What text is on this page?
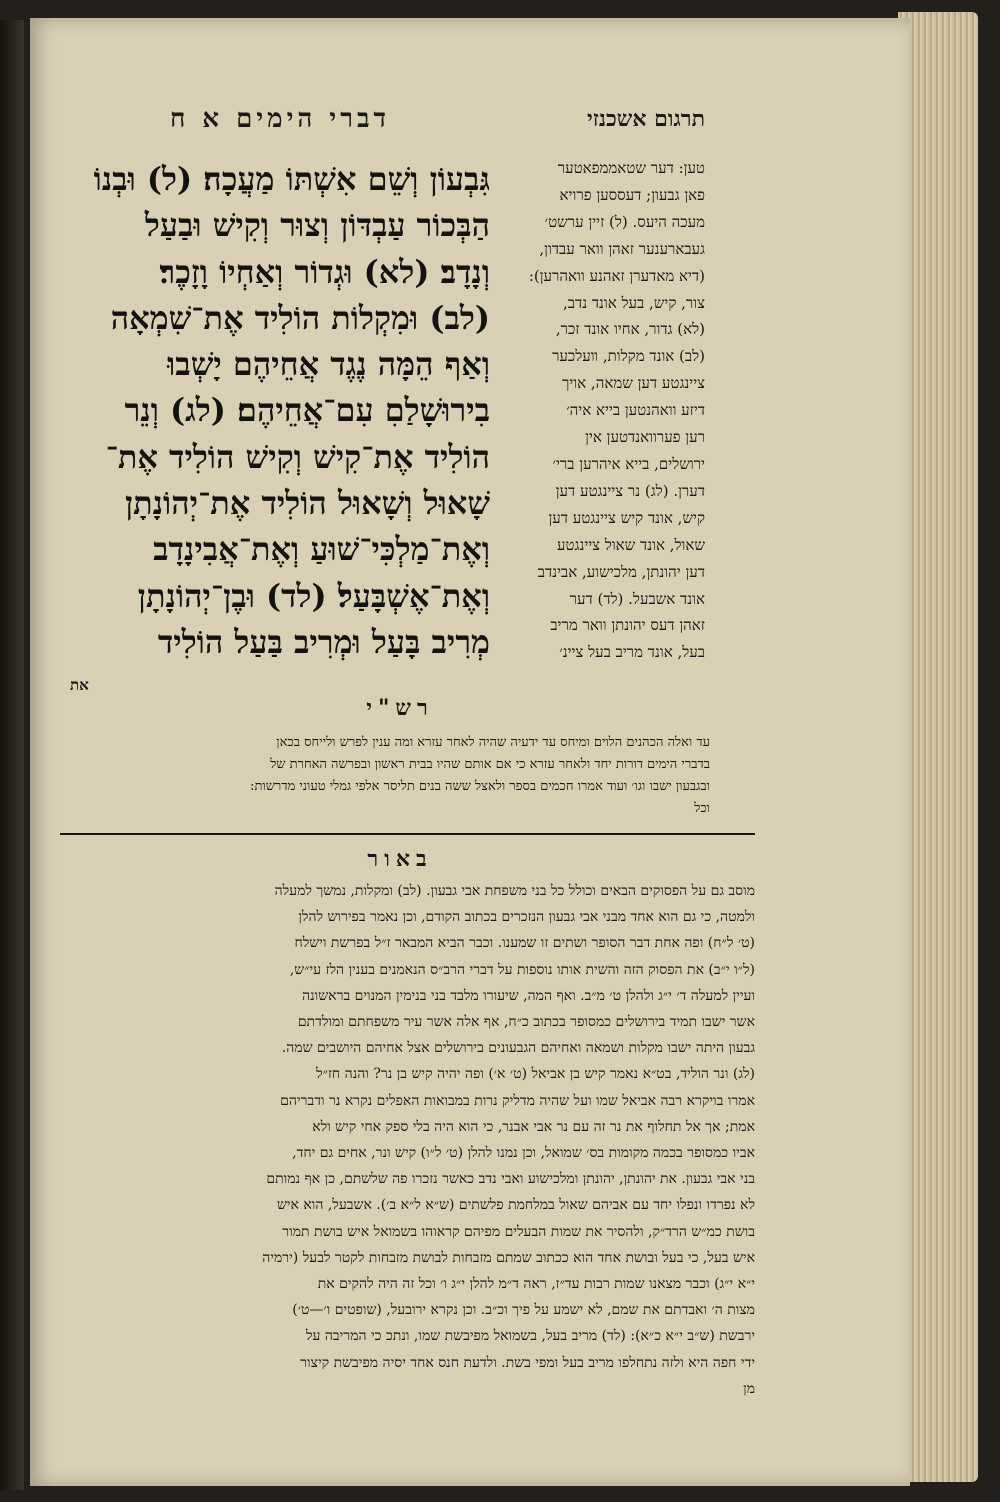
דברי הימים א ח	תרגום אשכנזי
גִּבְעוֹן וְשֵׁם אִשְׁתּוֹ מַעֲכָה׃ (ל) וּבְנוֹ
הַבְּכוֹר עַבְדּוֹן וְצוּר וְקִישׁ וּבַעַל
וְנָדָב׃ (לא) וּגְדוֹר וְאַחְיוֹ וָזָכֶר׃
(לב) וּמִקְלוֹת הוֹלִיד אֶת־שִׁמְאָה
וְאַף הֵמָּה נֶגֶד אֲחֵיהֶם יָשְׁבוּ
בִירוּשָׁלַםִ עִם־אֲחֵיהֶם׃ (לג) וְנֵר
הוֹלִיד אֶת־קִישׁ וְקִישׁ הוֹלִיד אֶת־
שָׁאוּל וְשָׁאוּל הוֹלִיד אֶת־יְהוֹנָתָן
וְאֶת־מַלְכִּי־שׁוּעַ וְאֶת־אֲבִינָדָב
וְאֶת־אֶשְׁבָּעַל׃ (לד) וּבֶן־יְהוֹנָתָן
מְרִיב בָּעַל וּמְרִיב בַּעַל הוֹלִיד
טען: דער שטאממפאטער
פאן גבעון; דעססען פרויא
מעכה היעס. (ל) זיין ערשט׳
געבארענער זאהן וואר עבדון,
(דיא מאדערן זאהנע וואהרען):
צור, קיש, בעל אונד נדב,
(לא) גדור, אחיו אונד זכר,
(לב) אונד מקלות, װעלכער
ציינגטע דען שמאה, אויך
דיזע וואהנטען בייא איה׳
רען פערוואנדטען אין
ירושלים, בייא איהרען ברי׳
דערן. (לג) נר ציינגטע דען
קיש, אונד קיש ציינגטע דען
שאול, אונד שאול ציינגטע
דען יהונתן, מלכישוע, אבינדב
אונד אשבעל. (לד) דער
זאהן דעס יהונתן וואר מריב
בעל, אונד מריב בעל ציינ׳
את
רש"י
עד ואלה הכהנים הלוים ומיחס עד ידעיה שהיה לאחר עזרא ומה ענין לפרש ולייחס בכאן
בדברי הימים דורות יחד ולאחר עזרא כי אם אותם שהיו בבית ראשון ובפרשה האחרת של
ובגבעון ישבו וגו׳ ועוד אמרו חכמים בספר ולאצל ששה בנים תליסר אלפי גמלי טעוני מדרשות:
וכל
באור
מוסב גם על הפסוקים הבאים וכולל כל בני משפחת אבי גבעון. (לב) ומקלות, נמשך למעלה
ולמטה, כי גם הוא אחד מבני אבי גבעון הנזכרים בכתוב הקודם, וכן נאמר בפירוש להלן
(ט׳ ל״ח) ופה אחת דבר הסופר ושתים זו שמענו. וכבר הביא המבאר ז״ל בפרשת וישלח
(ל״ו י״ב) את הפסוק הזה והשית אותו נוספות על דברי הרב״ס הנאמנים בענין הלז עי״ש,
ועיין למעלה ד׳ י״ג ולהלן ט׳ מ״ב. ואף המה, שיעורו מלבד בני בנימין המנוים בראשונה
אשר ישבו תמיד בירושלים כמסופר בכתוב כ״ח, אף אלה אשר עיר משפחתם ומולדתם
גבעון היתה ישבו מקלות ושמאה ואחיהם הגבעונים בירושלים אצל אחיהם היושבים שמה.
(לג) ונר הוליד, בט״א נאמר קיש בן אביאל (ט׳ א׳) ופה יהיה קיש בן נר? והנה חז״ל
אמרו בויקרא רבה אביאל שמו ועל שהיה מדליק נרות במבואות האפלים נקרא נר ודבריהם
אמת; אך אל תחלוף את נר זה עם נר אבי אבנר, כי הוא היה בלי ספק אחי קיש ולא
אביו כמסופר בכמה מקומות בס׳ שמואל, וכן נמנו להלן (ט׳ ל״ו) קיש ונר, אחים גם יחד,
בני אבי גבעון. את יהונתן, יהונתן ומלכישוע ואבי נדב כאשר נזכרו פה שלשתם, כן אף נמותם
לא נפרדו ונפלו יחד עם אביהם שאול במלחמת פלשתים (ש״א ל״א ב׳). אשבעל, הוא איש
בושת כמ״ש הרד״ק, ולהסיר את שמות הבעלים מפיהם קראוהו בשמואל איש בושת תמור
איש בעל, כי בעל ובושת אחד הוא ככתוב שמתם מזבחות לבושת מזבחות לקטר לבעל (ירמיה
י״א י״ג) וכבר מצאנו שמות רבות עד״ז, ראה ד״מ להלן י״ג ו׳ וכל זה היה להקים את
מצות ה׳ ואבדתם את שמם, לא ישמע על פיך וכ״ב. וכן נקרא ירובעל, (שופטים ו׳—ט׳)
ירבשת (ש״ב י״א כ״א): (לד) מריב בעל, בשמואל מפיבשת שמו, ונתכ כי המריבה על
ידי חפה היא ולזה נתחלפו מריב בעל ומפי בשת. ולדעת חנס אחד יסיה מפיבשת קיצור
מן
